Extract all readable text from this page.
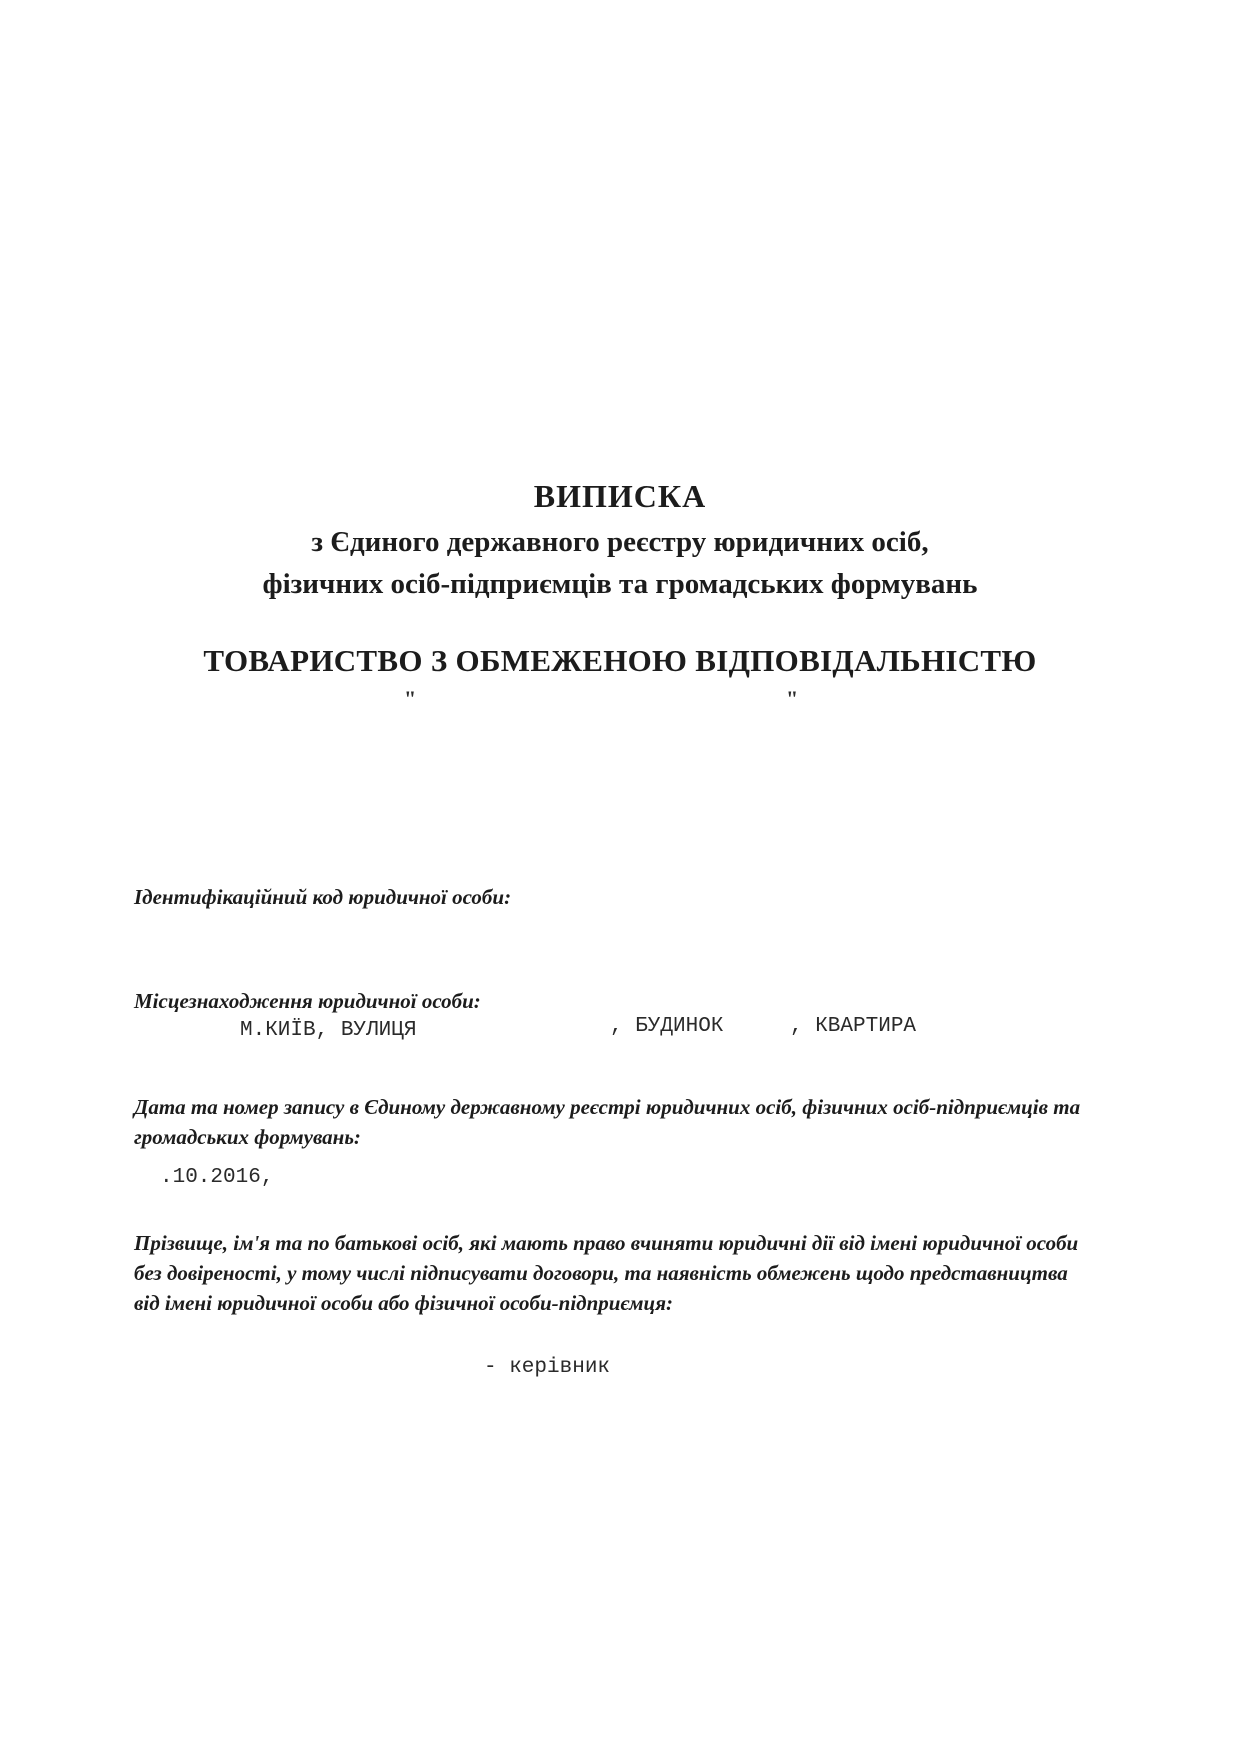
ВИПИСКА
з Єдиного державного реєстру юридичних осіб,
фізичних осіб-підприємців та громадських формувань
ТОВАРИСТВО З ОБМЕЖЕНОЮ ВІДПОВІДАЛЬНІСТЮ
"	"
Ідентифікаційний код юридичної особи:
Місцезнаходження юридичної особи:
М.КИЇВ, ВУЛИЦЯ	, БУДИНОК	, КВАРТИРА
Дата та номер запису в Єдиному державному реєстрі юридичних осіб, фізичних осіб-підприємців та громадських формувань:
.10.2016,
Прізвище, ім'я та по батькові осіб, які мають право вчиняти юридичні дії від імені юридичної особи без довіреності, у тому числі підписувати договори, та наявність обмежень щодо представництва від імені юридичної особи або фізичної особи-підприємця:
- керівник
